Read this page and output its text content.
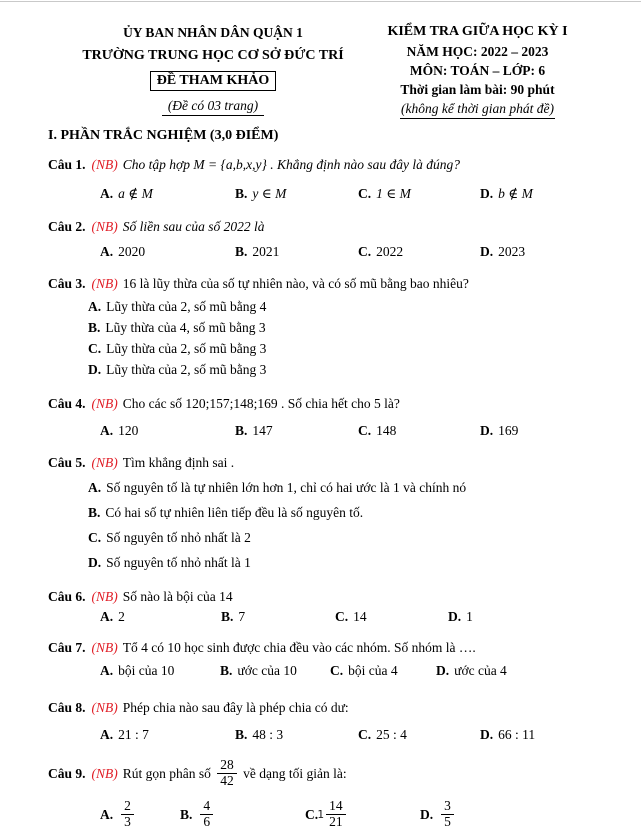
ỦY BAN NHÂN DÂN QUẬN 1
TRƯỜNG TRUNG HỌC CƠ SỞ ĐỨC TRÍ
ĐỀ THAM KHẢO
(Đề có 03 trang)
KIỂM TRA GIỮA HỌC KỲ I
NĂM HỌC: 2022 – 2023
MÔN: TOÁN – LỚP: 6
Thời gian làm bài: 90 phút
(không kể thời gian phát đề)
I. PHẦN TRẮC NGHIỆM (3,0 ĐIỂM)
Câu 1. (NB) Cho tập hợp M = {a,b,x,y} . Khẳng định nào sau đây là đúng?
A. a ∉ M	B. y ∈ M	C. 1 ∈ M	D. b ∉ M
Câu 2. (NB) Số liền sau của số 2022 là
A. 2020	B. 2021	C. 2022	D. 2023
Câu 3. (NB) 16 là lũy thừa của số tự nhiên nào, và có số mũ bằng bao nhiêu?
A. Lũy thừa của 2, số mũ bằng 4
B. Lũy thừa của 4, số mũ bằng 3
C. Lũy thừa của 2, số mũ bằng 3
D. Lũy thừa của 2, số mũ bằng 3
Câu 4. (NB) Cho các số 120;157;148;169 . Số chia hết cho 5 là?
A. 120	B. 147	C. 148	D. 169
Câu 5. (NB) Tìm khẳng định sai .
A. Số nguyên tố là tự nhiên lớn hơn 1, chỉ có hai ước là 1 và chính nó
B. Có hai số tự nhiên liên tiếp đều là số nguyên tố.
C. Số nguyên tố nhỏ nhất là 2
D. Số nguyên tố nhỏ nhất là 1
Câu 6. (NB) Số nào là bội của 14
A. 2	B. 7	C. 14	D. 1
Câu 7. (NB) Tổ 4 có 10 học sinh được chia đều vào các nhóm. Số nhóm là ….
A. bội của 10	B. ước của 10	C. bội của 4	D. ước của 4
Câu 8. (NB) Phép chia nào sau đây là phép chia có dư:
A. 21 : 7	B. 48 : 3	C. 25 : 4	D. 66 : 11
Câu 9. (NB) Rút gọn phân số $\frac{28}{42}$ về dạng tối giản là:
A. $\frac{2}{3}$	B. $\frac{4}{6}$	C. $\frac{14}{21}$	D. $\frac{3}{5}$
1
